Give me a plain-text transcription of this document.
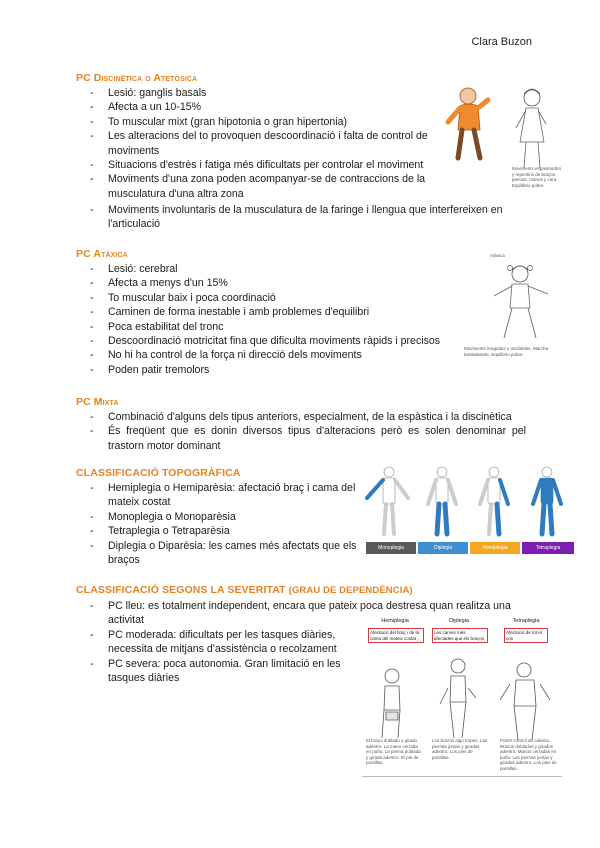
Clara Buzon
PC Discinètica o Atetòsica
- Lesió: ganglis basals
- Afecta a un 10-15%
- To muscular mixt (gran hipotonia o gran hipertonia)
- Les alteracions del to provoquen descoordinació i falta de control de moviments
- Situacions d'estrès i fatiga més dificultats per controlar el moviment
- Moviments d'una zona poden acompanyar-se de contraccions de la musculatura d'una altra zona
- Moviments involuntaris de la musculatura de la faringe i llengua que interfereixen en l'articulació
Moviments espasmòdics y repentins de braços, piernas, manos y cara. Equilibrio pobre.
PC Atàxica
- Lesió: cerebral
- Afecta a menys d'un 15%
- To muscular baix i poca coordinació
- Caminen de forma inestable i amb problemes d'equilibri
- Poca estabilitat del tronc
- Descoordinació motricitat fina que dificulta moviments ràpids i precisos
- No hi ha control de la força ni direcció dels moviments
- Poden patir tremolors
Atàxica
Moviments irregulars y oscilantes. Marcha tambaleante. Equilibrio pobre.
PC Mixta
- Combinació d'alguns dels tipus anteriors, especialment, de la espàstica i la discinètica
- És freqüent que es donin diversos tipus d'alteracions però es solen denominar pel trastorn motor dominant
CLASSIFICACIÓ TOPOGRÀFICA
- Hemiplegia o Hemiparèsia: afectació braç i cama del mateix costat
- Monoplegia o Monoparèsia
- Tetraplegia o Tetraparèsia
- Diplegia o Diparèsia: les cames més afectats que els braços
Monoplegia	Diplegia	Hemiplegia	Tetraplegia
CLASSIFICACIÓ SEGONS LA SEVERITAT (GRAU DE DEPENDÈNCIA)
- PC lleu: es totalment independent, encara que pateix poca destresa quan realitza una activitat
- PC moderada: dificultats per les tasques diàries, necessita de mitjans d'assistència o recolzament
- PC severa: poca autonomia. Gran limitació en les tasques diàries
Hemiplegia	Diplegia	Tetraplegia
Afectació del braç i de la cama del mateix costat
Les cames més afectades que els braços
Afectació de tot el cos
El braço doblado y girado adentro. La mano cerrada en puño. La pierna doblada y girada adentro. El pie de puntillas.
Los brazos algo torpes. Las piernas juntas y giradas adentro. Los pies de puntillas.
Pobre control de cabeza. Brazos doblados y girados adentro. Manos cerradas en puño. Las piernas juntas y giradas adentro. Los pies de puntillas.
